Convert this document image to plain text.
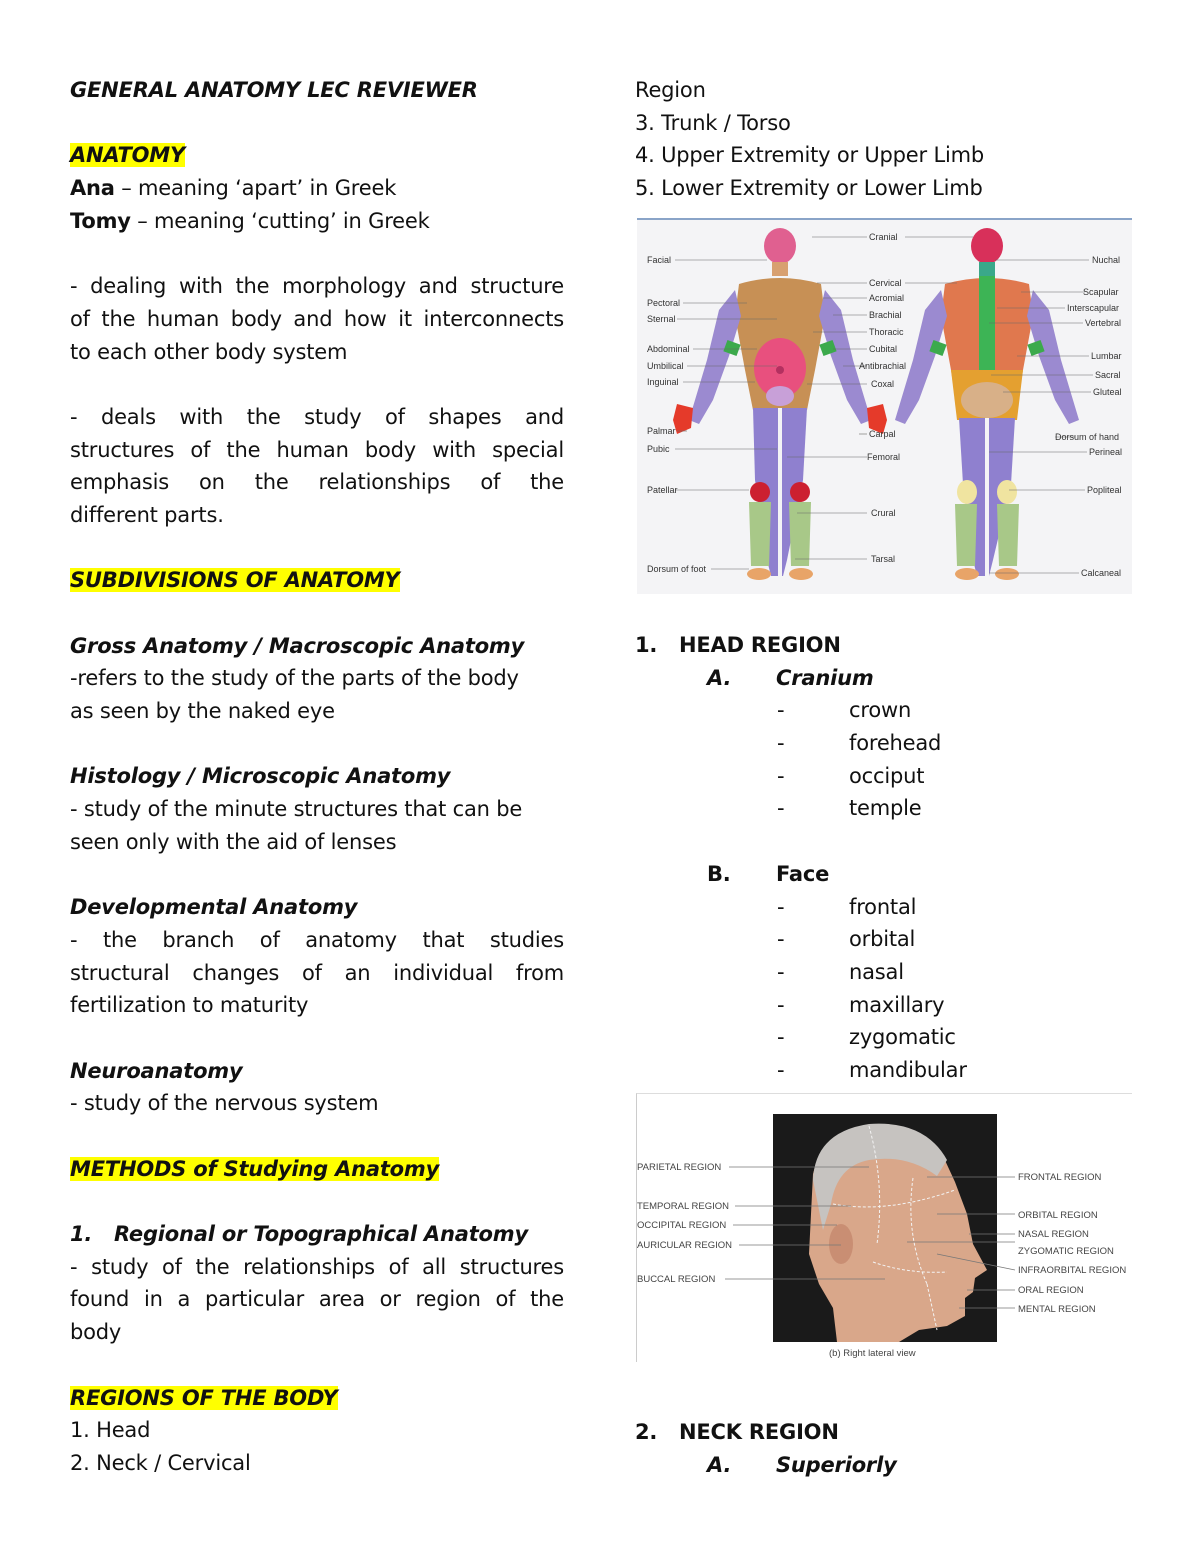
GENERAL ANATOMY LEC REVIEWER
ANATOMY
Ana – meaning ‘apart’ in Greek
Tomy – meaning ‘cutting’ in Greek
- dealing with the morphology and structure
of the human body and how it interconnects
to each other body system
- deals with the study of shapes and
structures of the human body with special
emphasis on the relationships of the
different parts.
SUBDIVISIONS OF ANATOMY
Gross Anatomy / Macroscopic Anatomy
-refers to the study of the parts of the body
as seen by the naked eye
Histology / Microscopic Anatomy
- study of the minute structures that can be
seen only with the aid of lenses
Developmental Anatomy
- the branch of anatomy that studies
structural changes of an individual from
fertilization to maturity
Neuroanatomy
- study of the nervous system
METHODS of Studying Anatomy
1. Regional or Topographical Anatomy
- study of the relationships of all structures
found in a particular area or region of the
body
REGIONS OF THE BODY
1. Head
2. Neck / Cervical
Region
3. Trunk / Torso
4. Upper Extremity or Upper Limb
5. Lower Extremity or Lower Limb
Facial
Pectoral
Sternal
Abdominal
Umbilical
Inguinal
Palmar
Pubic
Patellar
Dorsum of foot
Cranial
Cervical
Acromial
Brachial
Thoracic
Cubital
Antibrachial
Coxal
Carpal
Femoral
Crural
Tarsal
Nuchal
Scapular
Interscapular
Vertebral
Lumbar
Sacral
Gluteal
Dorsum of hand
Perineal
Popliteal
Calcaneal
1. HEAD REGION
A. Cranium
-	crown
-	forehead
-	occiput
-	temple
B. Face
-	frontal
-	orbital
-	nasal
-	maxillary
-	zygomatic
-	mandibular
PARIETAL REGION
TEMPORAL REGION
OCCIPITAL REGION
AURICULAR REGION
BUCCAL REGION
FRONTAL REGION
ORBITAL REGION
NASAL REGION
ZYGOMATIC REGION
INFRAORBITAL REGION
ORAL REGION
MENTAL REGION
(b) Right lateral view
2. NECK REGION
A. Superiorly
